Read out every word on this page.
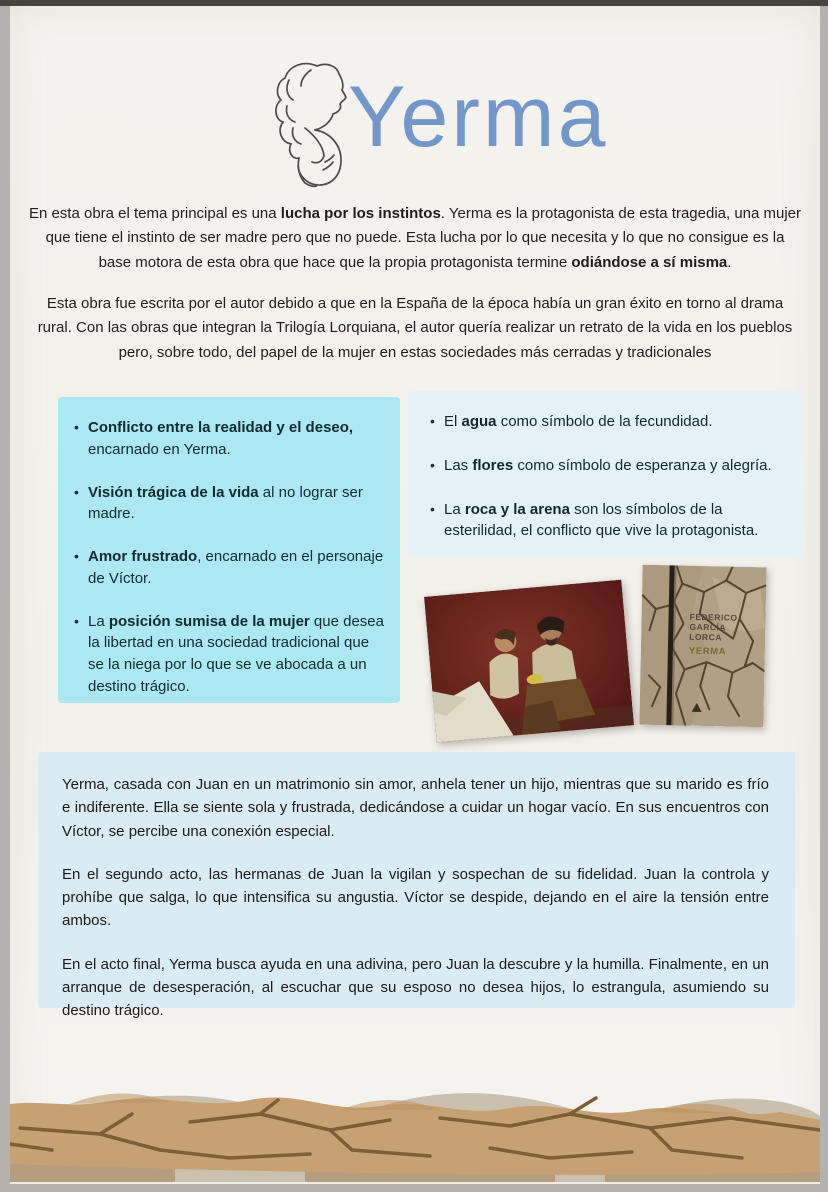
Yerma

En esta obra el tema principal es una lucha por los instintos. Yerma es la protagonista de esta tragedia, una mujer que tiene el instinto de ser madre pero que no puede. Esta lucha por lo que necesita y lo que no consigue es la base motora de esta obra que hace que la propia protagonista termine odiándose a sí misma.

Esta obra fue escrita por el autor debido a que en la España de la época había un gran éxito en torno al drama rural. Con las obras que integran la Trilogía Lorquiana, el autor quería realizar un retrato de la vida en los pueblos pero, sobre todo, del papel de la mujer en estas sociedades más cerradas y tradicionales

• Conflicto entre la realidad y el deseo, encarnado en Yerma.
• Visión trágica de la vida al no lograr ser madre.
• Amor frustrado, encarnado en el personaje de Víctor.
• La posición sumisa de la mujer que desea la libertad en una sociedad tradicional que se la niega por lo que se ve abocada a un destino trágico.
• El agua como símbolo de la fecundidad.
• Las flores como símbolo de esperanza y alegría.
• La roca y la arena son los símbolos de la esterilidad, el conflicto que vive la protagonista.
FEDERICO
GARCÍA
LORCA
YERMA

Yerma, casada con Juan en un matrimonio sin amor, anhela tener un hijo, mientras que su marido es frío e indiferente. Ella se siente sola y frustrada, dedicándose a cuidar un hogar vacío. En sus encuentros con Víctor, se percibe una conexión especial.

En el segundo acto, las hermanas de Juan la vigilan y sospechan de su fidelidad. Juan la controla y prohíbe que salga, lo que intensifica su angustia. Víctor se despide, dejando en el aire la tensión entre ambos.

En el acto final, Yerma busca ayuda en una adivina, pero Juan la descubre y la humilla. Finalmente, en un arranque de desesperación, al escuchar que su esposo no desea hijos, lo estrangula, asumiendo su destino trágico.
